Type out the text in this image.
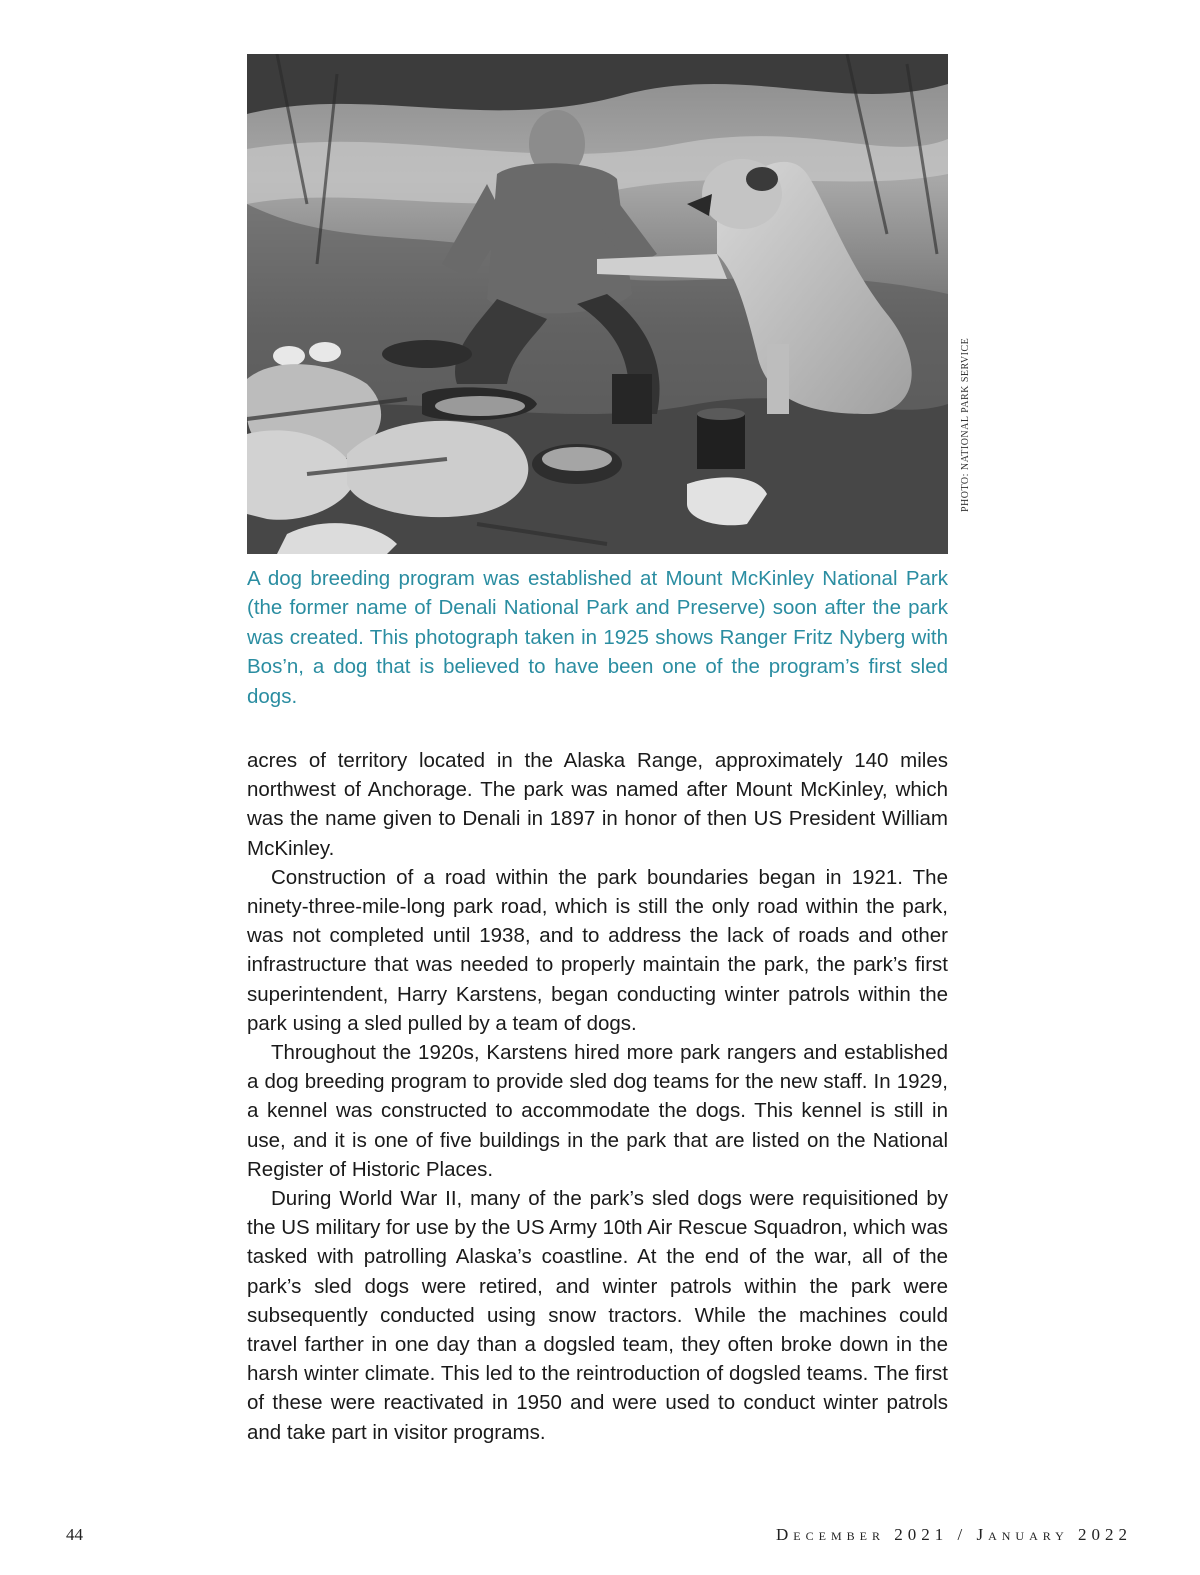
PHOTO: NATIONAL PARK SERVICE

A dog breeding program was established at Mount McKinley National Park (the former name of Denali National Park and Preserve) soon after the park was created. This photograph taken in 1925 shows Ranger Fritz Nyberg with Bos’n, a dog that is believed to have been one of the program’s first sled dogs.

acres of territory located in the Alaska Range, approximately 140 miles northwest of Anchorage. The park was named after Mount McKinley, which was the name given to Denali in 1897 in honor of then US President William McKinley.

Construction of a road within the park boundaries began in 1921. The ninety-three-mile-long park road, which is still the only road within the park, was not completed until 1938, and to address the lack of roads and other infrastructure that was needed to properly maintain the park, the park’s first superintendent, Harry Karstens, began conducting winter patrols within the park using a sled pulled by a team of dogs.

Throughout the 1920s, Karstens hired more park rangers and established a dog breeding program to provide sled dog teams for the new staff. In 1929, a kennel was constructed to accommodate the dogs. This kennel is still in use, and it is one of five buildings in the park that are listed on the National Register of Historic Places.

During World War II, many of the park’s sled dogs were requisitioned by the US military for use by the US Army 10th Air Rescue Squadron, which was tasked with patrolling Alaska’s coastline. At the end of the war, all of the park’s sled dogs were retired, and winter patrols within the park were subsequently conducted using snow tractors. While the machines could travel farther in one day than a dogsled team, they often broke down in the harsh winter climate. This led to the reintroduction of dogsled teams. The first of these were reactivated in 1950 and were used to conduct winter patrols and take part in visitor programs.

44	December 2021 / January 2022
